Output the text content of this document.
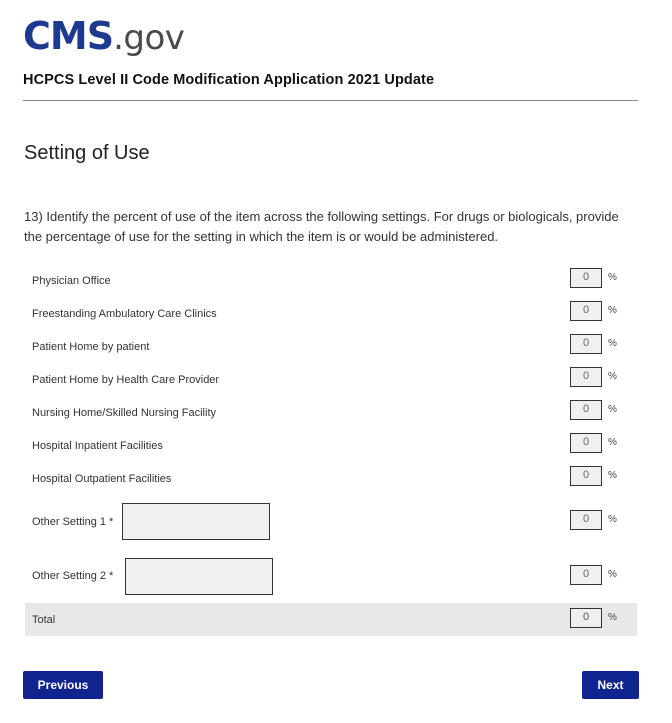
CMS .gov
HCPCS Level II Code Modification Application 2021 Update
Setting of Use
13) Identify the percent of use of the item across the following settings. For drugs or biologicals, provide the percentage of use for the setting in which the item is or would be administered.
Physician Office	0	%
Freestanding Ambulatory Care Clinics	0	%
Patient Home by patient	0	%
Patient Home by Health Care Provider	0	%
Nursing Home/Skilled Nursing Facility	0	%
Hospital Inpatient Facilities	0	%
Hospital Outpatient Facilities	0	%
Other Setting 1 *	0	%
Other Setting 2 *	0	%
Total	0	%
Previous	Next
